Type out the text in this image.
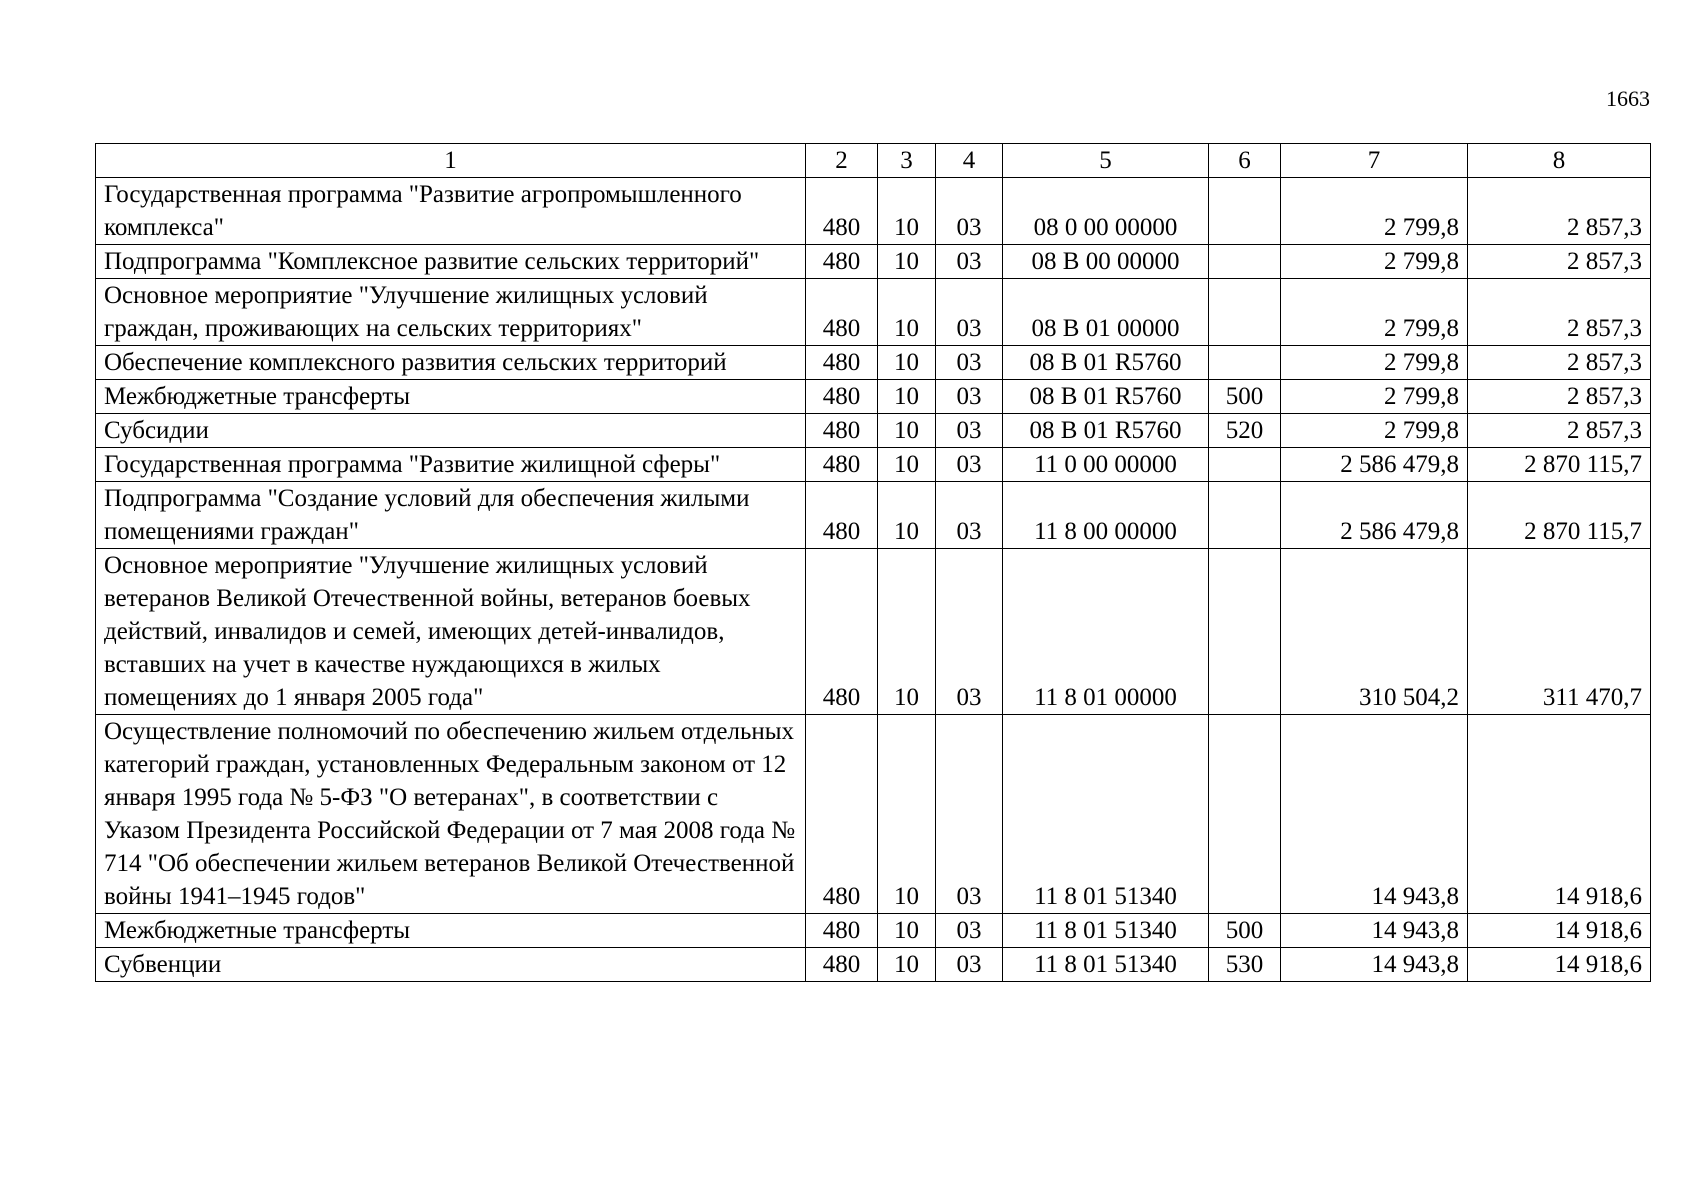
1663
1	2	3	4	5	6	7	8
Государственная программа "Развитие агропромышленного комплекса"	480	10	03	08 0 00 00000		2 799,8	2 857,3
Подпрограмма "Комплексное развитие сельских территорий"	480	10	03	08 В 00 00000		2 799,8	2 857,3
Основное мероприятие "Улучшение жилищных условий граждан, проживающих на сельских территориях"	480	10	03	08 В 01 00000		2 799,8	2 857,3
Обеспечение комплексного развития сельских территорий	480	10	03	08 В 01 R5760		2 799,8	2 857,3
Межбюджетные трансферты	480	10	03	08 В 01 R5760	500	2 799,8	2 857,3
Субсидии	480	10	03	08 В 01 R5760	520	2 799,8	2 857,3
Государственная программа "Развитие жилищной сферы"	480	10	03	11 0 00 00000		2 586 479,8	2 870 115,7
Подпрограмма "Создание условий для обеспечения жилыми помещениями граждан"	480	10	03	11 8 00 00000		2 586 479,8	2 870 115,7
Основное мероприятие "Улучшение жилищных условий ветеранов Великой Отечественной войны, ветеранов боевых действий, инвалидов и семей, имеющих детей-инвалидов, вставших на учет в качестве нуждающихся в жилых помещениях до 1 января 2005 года"	480	10	03	11 8 01 00000		310 504,2	311 470,7
Осуществление полномочий по обеспечению жильем отдельных категорий граждан, установленных Федеральным законом от 12 января 1995 года № 5-ФЗ "О ветеранах", в соответствии с Указом Президента Российской Федерации от 7 мая 2008 года № 714 "Об обеспечении жильем ветеранов Великой Отечественной войны 1941–1945 годов"	480	10	03	11 8 01 51340		14 943,8	14 918,6
Межбюджетные трансферты	480	10	03	11 8 01 51340	500	14 943,8	14 918,6
Субвенции	480	10	03	11 8 01 51340	530	14 943,8	14 918,6
